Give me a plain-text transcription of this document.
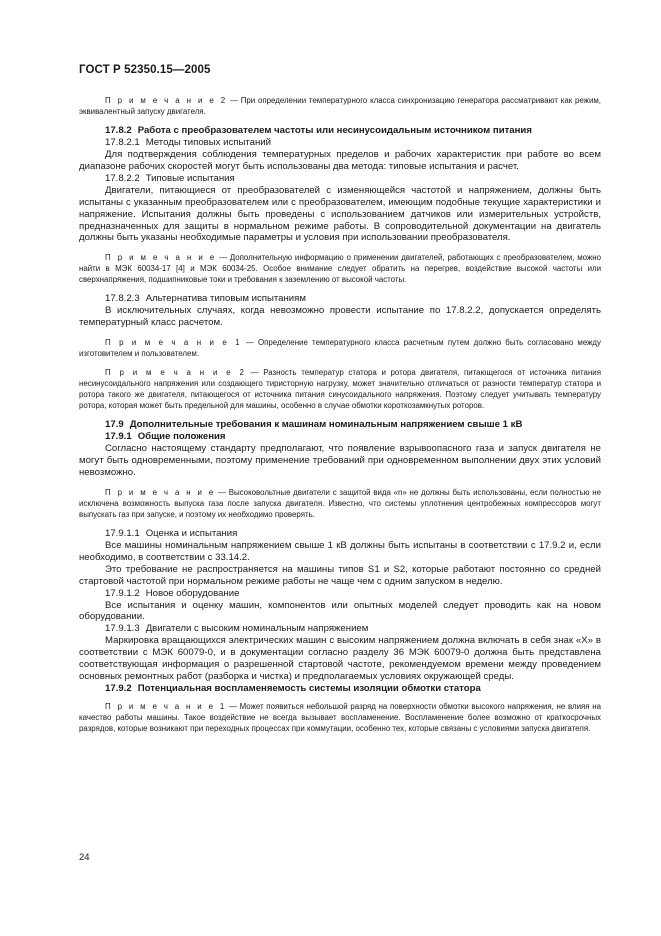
ГОСТ Р 52350.15—2005

П р и м е ч а н и е 2 — При определении температурного класса синхронизацию генератора рассматривают как режим, эквивалентный запуску двигателя.

17.8.2 Работа с преобразователем частоты или несинусоидальным источником питания

17.8.2.1 Методы типовых испытаний

Для подтверждения соблюдения температурных пределов и рабочих характеристик при работе во всем диапазоне рабочих скоростей могут быть использованы два метода: типовые испытания и расчет.

17.8.2.2 Типовые испытания

Двигатели, питающиеся от преобразователей с изменяющейся частотой и напряжением, должны быть испытаны с указанным преобразователем или с преобразователем, имеющим подобные текущие характеристики и напряжение. Испытания должны быть проведены с использованием датчиков или измерительных устройств, предназначенных для защиты в нормальном режиме работы. В сопроводительной документации на двигатель должны быть указаны необходимые параметры и условия при использовании преобразователя.

П р и м е ч а н и е — Дополнительную информацию о применении двигателей, работающих с преобразователем, можно найти в МЭК 60034-17 [4] и МЭК 60034-25. Особое внимание следует обратить на перегрев, воздействие высокой частоты или сверхнапряжения, подшипниковые токи и требования к заземлению от высокой частоты.

17.8.2.3 Альтернатива типовым испытаниям

В исключительных случаях, когда невозможно провести испытание по 17.8.2.2, допускается определять температурный класс расчетом.

П р и м е ч а н и е 1 — Определение температурного класса расчетным путем должно быть согласовано между изготовителем и пользователем.

П р и м е ч а н и е 2 — Разность температур статора и ротора двигателя, питающегося от источника питания несинусоидального напряжения или создающего тиристорную нагрузку, может значительно отличаться от разности температур статора и ротора такого же двигателя, питающегося от источника питания синусоидального напряжения. Поэтому следует учитывать температуру ротора, которая может быть предельной для машины, особенно в случае обмотки короткозамкнутых роторов.

17.9 Дополнительные требования к машинам номинальным напряжением свыше 1 кВ

17.9.1 Общие положения

Согласно настоящему стандарту предполагают, что появление взрывоопасного газа и запуск двигателя не могут быть одновременными, поэтому применение требований при одновременном выполнении двух этих условий невозможно.

П р и м е ч а н и е — Высоковольтные двигатели с защитой вида «n» не должны быть использованы, если полностью не исключена возможность выпуска газа после запуска двигателя. Известно, что системы уплотнения центробежных компрессоров могут выпускать газ при запуске, и поэтому их необходимо проверять.

17.9.1.1 Оценка и испытания

Все машины номинальным напряжением свыше 1 кВ должны быть испытаны в соответствии с 17.9.2 и, если необходимо, в соответствии с 33.14.2.

Это требование не распространяется на машины типов S1 и S2, которые работают постоянно со средней стартовой частотой при нормальном режиме работы не чаще чем с одним запуском в неделю.

17.9.1.2 Новое оборудование

Все испытания и оценку машин, компонентов или опытных моделей следует проводить как на новом оборудовании.

17.9.1.3 Двигатели с высоким номинальным напряжением

Маркировка вращающихся электрических машин с высоким напряжением должна включать в себя знак «X» в соответствии с МЭК 60079-0, и в документации согласно разделу 36 МЭК 60079-0 должна быть представлена соответствующая информация о разрешенной стартовой частоте, рекомендуемом времени между проведением основных ремонтных работ (разборка и чистка) и предполагаемых условиях окружающей среды.

17.9.2 Потенциальная воспламеняемость системы изоляции обмотки статора

П р и м е ч а н и е 1 — Может появиться небольшой разряд на поверхности обмотки высокого напряжения, не влияя на качество работы машины. Такое воздействие не всегда вызывает воспламенение. Воспламенение более возможно от краткосрочных разрядов, которые возникают при переходных процессах при коммутации, особенно тех, которые связаны с условиями запуска двигателя.

24
